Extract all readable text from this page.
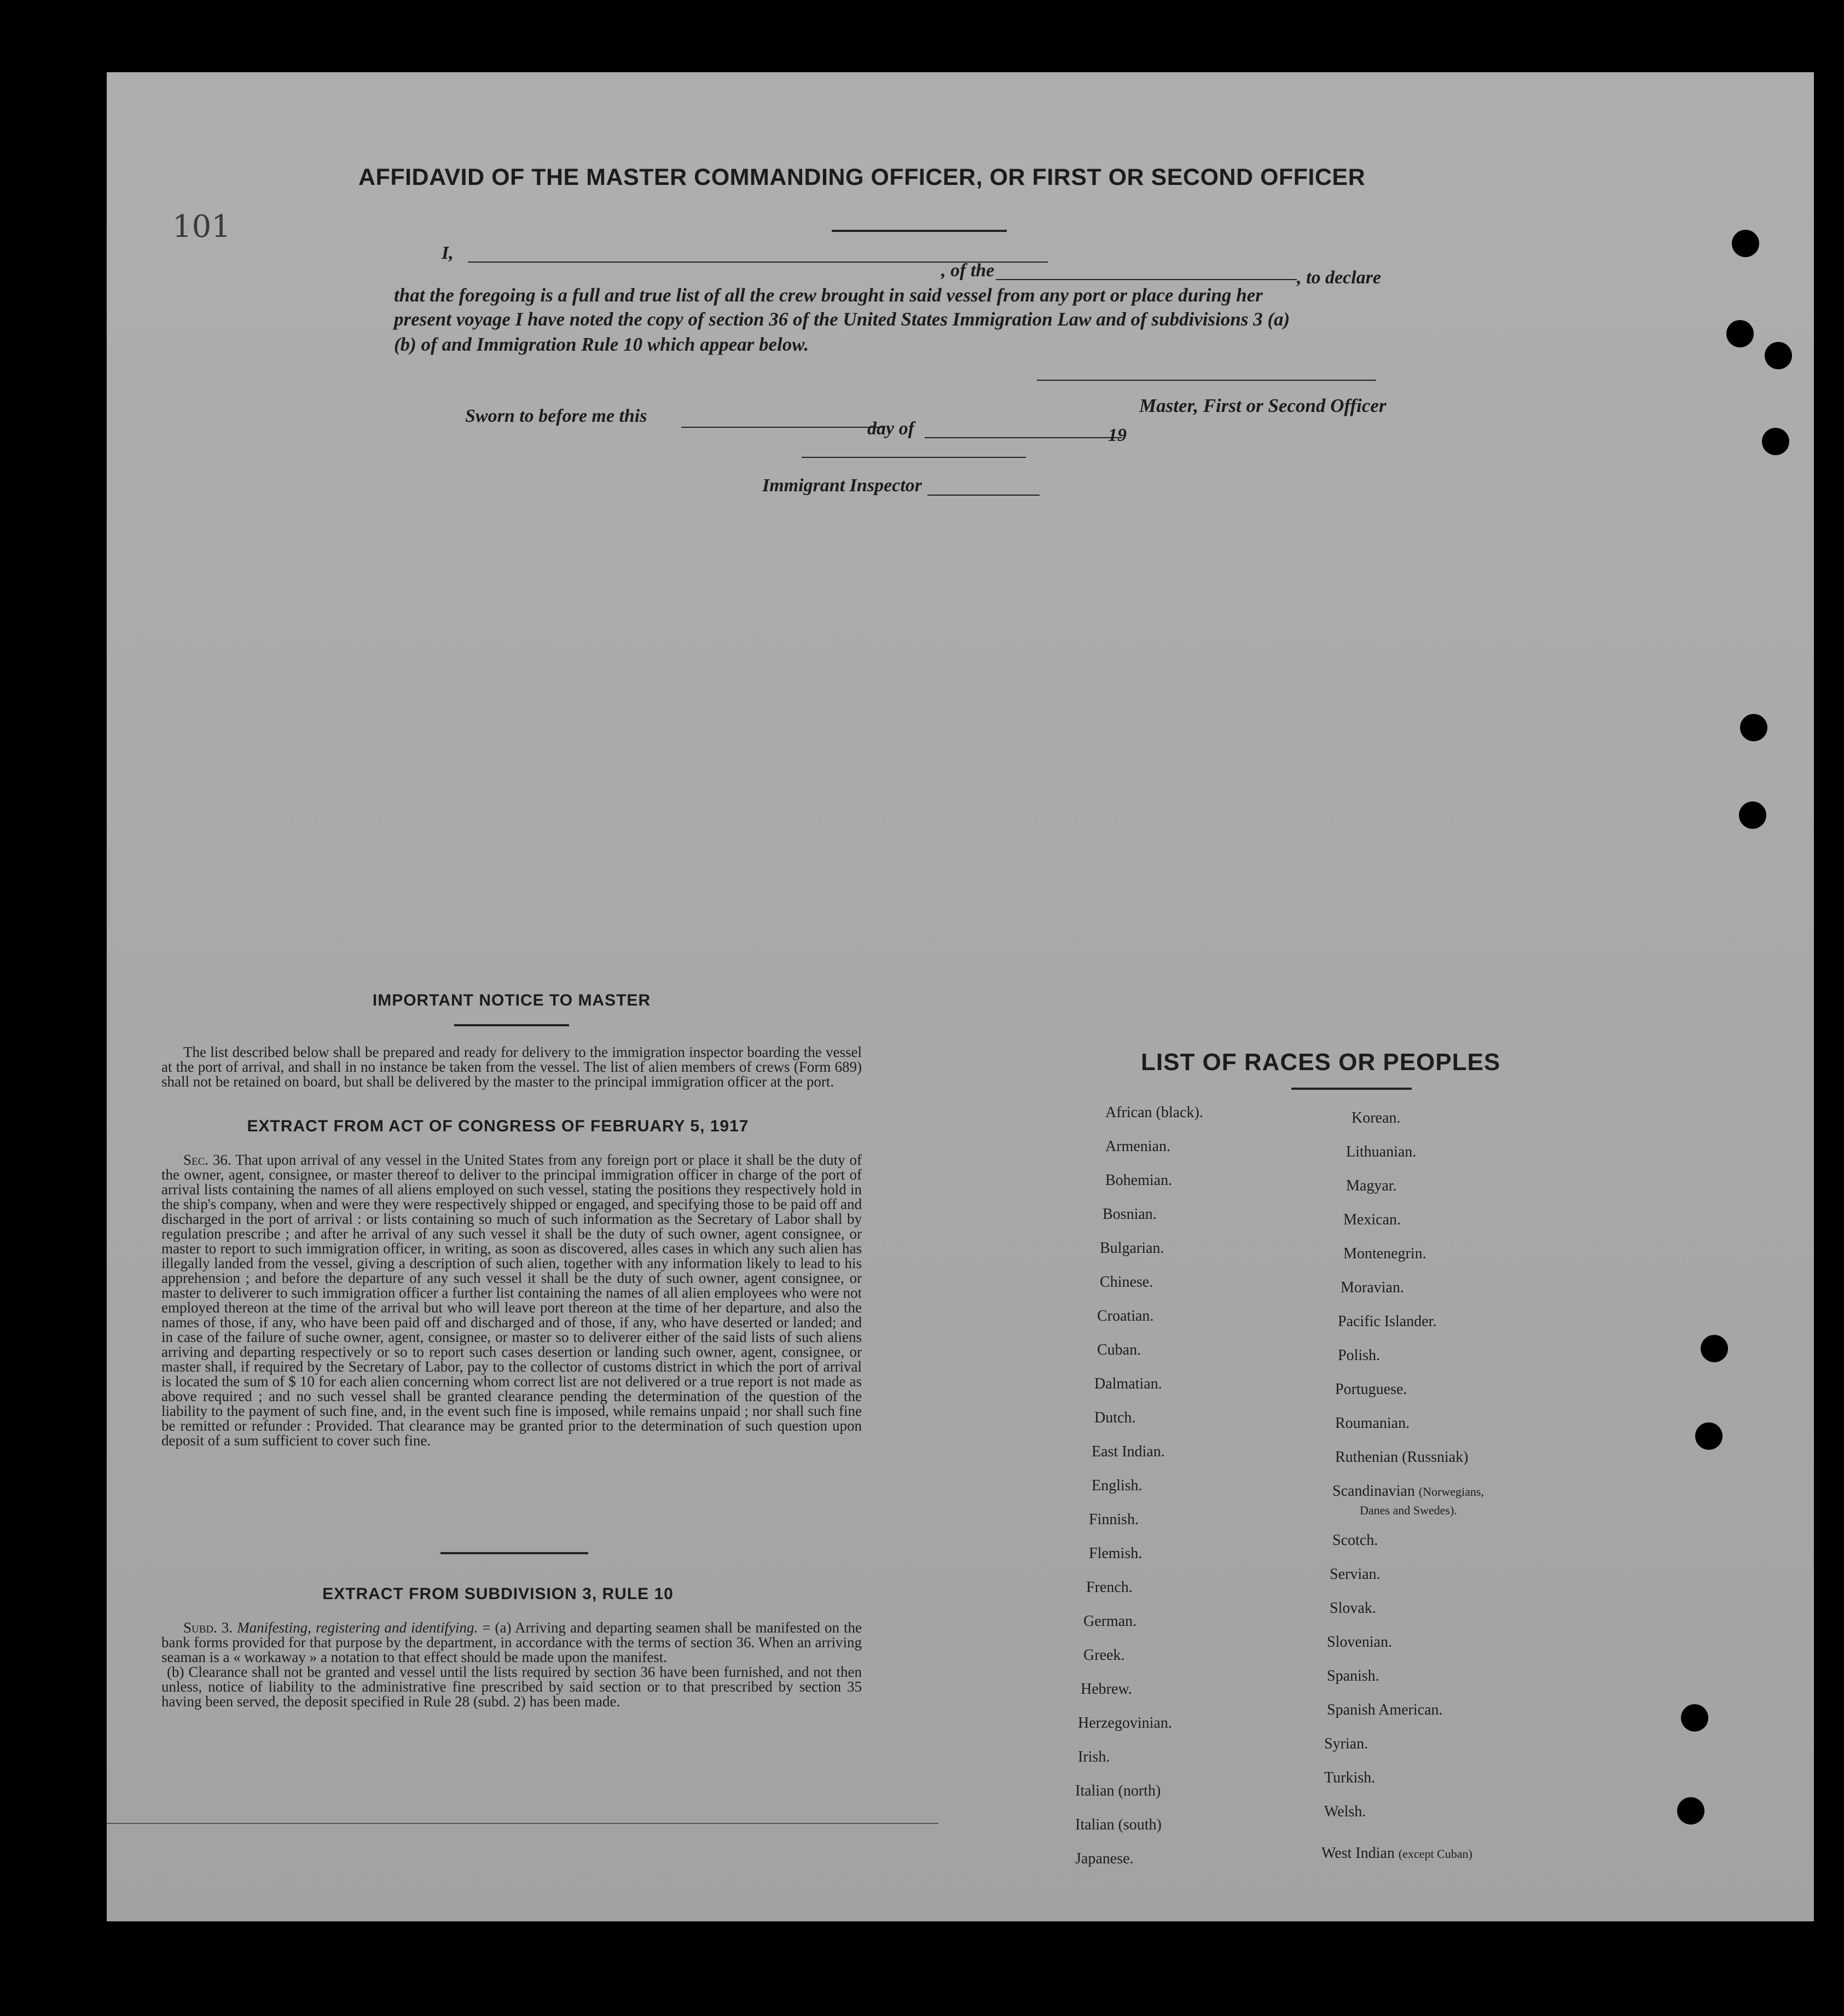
101
AFFIDAVID OF THE MASTER COMMANDING OFFICER, OR FIRST OR SECOND OFFICER
I,
, of the	, to declare
that the foregoing is a full and true list of all the crew brought in said vessel from any port or place during her
present voyage I have noted the copy of section 36 of the United States Immigration Law and of subdivisions 3 (a)
(b) of and Immigration Rule 10 which appear below.
Master, First or Second Officer
Sworn to before me this
day of	19
Immigrant Inspector
IMPORTANT NOTICE TO MASTER

The list described below shall be prepared and ready for delivery to the immigration inspector boarding the vessel at the port of arrival, and shall in no instance be taken from the vessel. The list of alien members of crews (Form 689) shall not be retained on board, but shall be delivered by the master to the principal immigration officer at the port.

EXTRACT FROM ACT OF CONGRESS OF FEBRUARY 5, 1917

Sec. 36. That upon arrival of any vessel in the United States from any foreign port or place it shall be the duty of the owner, agent, consignee, or master thereof to deliver to the principal immigration officer in charge of the port of arrival lists containing the names of all aliens employed on such vessel, stating the positions they respectively hold in the ship's company, when and were they were respectively shipped or engaged, and specifying those to be paid off and discharged in the port of arrival : or lists containing so much of such information as the Secretary of Labor shall by regulation prescribe ; and after he arrival of any such vessel it shall be the duty of such owner, agent consignee, or master to report to such immigration officer, in writing, as soon as discovered, alles cases in which any such alien has illegally landed from the vessel, giving a description of such alien, together with any information likely to lead to his apprehension ; and before the departure of any such vessel it shall be the duty of such owner, agent consignee, or master to deliverer to such immigration officer a further list containing the names of all alien employees who were not employed thereon at the time of the arrival but who will leave port thereon at the time of her departure, and also the names of those, if any, who have been paid off and discharged and of those, if any, who have deserted or landed; and in case of the failure of suche owner, agent, consignee, or master so to deliverer either of the said lists of such aliens arriving and departing respectively or so to report such cases desertion or landing such owner, agent, consignee, or master shall, if required by the Secretary of Labor, pay to the collector of customs district in which the port of arrival is located the sum of $ 10 for each alien concerning whom correct list are not delivered or a true report is not made as above required ; and no such vessel shall be granted clearance pending the determination of the question of the liability to the payment of such fine, and, in the event such fine is imposed, while remains unpaid ; nor shall such fine be remitted or refunder : Provided. That clearance may be granted prior to the determination of such question upon deposit of a sum sufficient to cover such fine.

EXTRACT FROM SUBDIVISION 3, RULE 10

Subd. 3. Manifesting, registering and identifying. = (a) Arriving and departing seamen shall be manifested on the bank forms provided for that purpose by the department, in accordance with the terms of section 36. When an arriving seaman is a « workaway » a notation to that effect should be made upon the manifest.

(b) Clearance shall not be granted and vessel until the lists required by section 36 have been furnished, and not then unless, notice of liability to the administrative fine prescribed by said section or to that prescribed by section 35 having been served, the deposit specified in Rule 28 (subd. 2) has been made.

LIST OF RACES OR PEOPLES
African (black).
Armenian.
Bohemian.
Bosnian.
Bulgarian.
Chinese.
Croatian.
Cuban.
Dalmatian.
Dutch.
East Indian.
English.
Finnish.
Flemish.
French.
German.
Greek.
Hebrew.
Herzegovinian.
Irish.
Italian (north)
Italian (south)
Japanese.
Korean.
Lithuanian.
Magyar.
Mexican.
Montenegrin.
Moravian.
Pacific Islander.
Polish.
Portuguese.
Roumanian.
Ruthenian (Russniak)
Scandinavian (Norwegians,
Danes and Swedes).
Scotch.
Servian.
Slovak.
Slovenian.
Spanish.
Spanish American.
Syrian.
Turkish.
Welsh.
West Indian (except Cuban)
